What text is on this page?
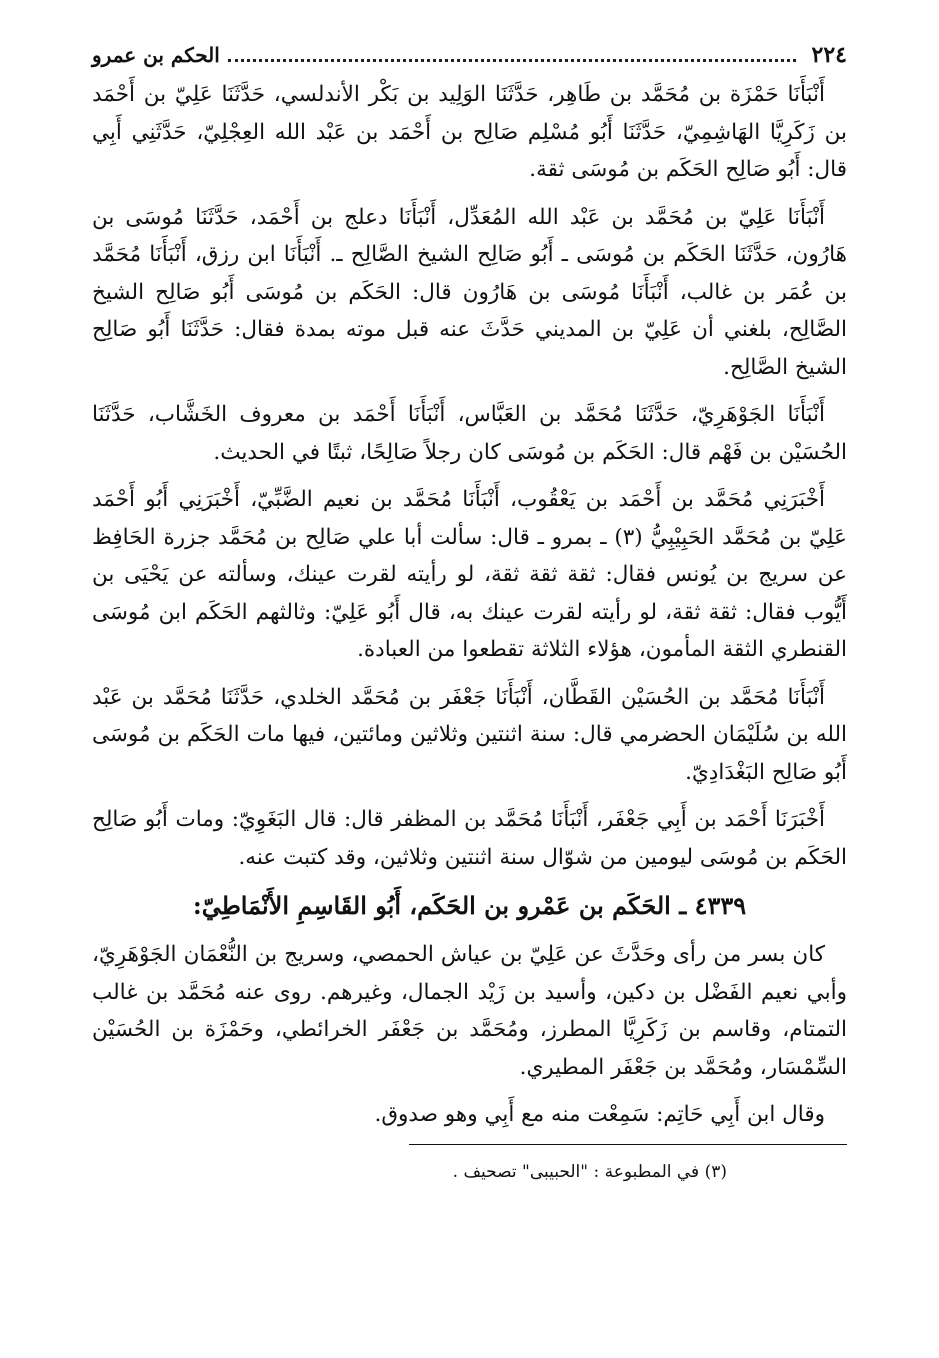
٢٢٤
الحكم بن عمرو

أَنْبَأَنَا حَمْزَة بن مُحَمَّد بن طَاهِر، حَدَّثَنَا الوَلِيد بن بَكْر الأندلسي، حَدَّثَنَا عَلِيّ بن أَحْمَد بن زَكَرِيَّا الهَاشِمِيّ، حَدَّثَنَا أَبُو مُسْلِم صَالِح بن أَحْمَد بن عَبْد الله العِجْلِيّ، حَدَّثَنِي أَبِي قال: أَبُو صَالِح الحَكَم بن مُوسَى ثقة.

أَنْبَأَنَا عَلِيّ بن مُحَمَّد بن عَبْد الله المُعَدِّل، أَنْبَأَنَا دعلج بن أَحْمَد، حَدَّثَنَا مُوسَى بن هَارُون، حَدَّثَنَا الحَكَم بن مُوسَى ـ أَبُو صَالِح الشيخ الصَّالِح ـ. أَنْبَأَنَا ابن رزق، أَنْبَأَنَا مُحَمَّد بن عُمَر بن غالب، أَنْبَأَنَا مُوسَى بن هَارُون قال: الحَكَم بن مُوسَى أَبُو صَالِح الشيخ الصَّالِح، بلغني أن عَلِيّ بن المديني حَدَّثَ عنه قبل موته بمدة فقال: حَدَّثَنَا أَبُو صَالِح الشيخ الصَّالِح.

أَنْبَأَنَا الجَوْهَرِيّ، حَدَّثَنَا مُحَمَّد بن العَبَّاس، أَنْبَأَنَا أَحْمَد بن معروف الخَشَّاب، حَدَّثَنَا الحُسَيْن بن فَهْم قال: الحَكَم بن مُوسَى كان رجلاً صَالِحًا، ثبتًا في الحديث.

أَخْبَرَنِي مُحَمَّد بن أَحْمَد بن يَعْقُوب، أَنْبَأَنَا مُحَمَّد بن نعيم الضَّبِّيّ، أَخْبَرَنِي أَبُو أَحْمَد عَلِيّ بن مُحَمَّد الحَبِيْبِيُّ (٣) ـ بمرو ـ قال: سألت أبا علي صَالِح بن مُحَمَّد جزرة الحَافِظ عن سريج بن يُونس فقال: ثقة ثقة ثقة، لو رأيته لقرت عينك، وسألته عن يَحْيَى بن أَيُّوب فقال: ثقة ثقة، لو رأيته لقرت عينك به، قال أَبُو عَلِيّ: وثالثهم الحَكَم ابن مُوسَى القنطري الثقة المأمون، هؤلاء الثلاثة تقطعوا من العبادة.

أَنْبَأَنَا مُحَمَّد بن الحُسَيْن القَطَّان، أَنْبَأَنَا جَعْفَر بن مُحَمَّد الخلدي، حَدَّثَنَا مُحَمَّد بن عَبْد الله بن سُلَيْمَان الحضرمي قال: سنة اثنتين وثلاثين ومائتين، فيها مات الحَكَم بن مُوسَى أَبُو صَالِح البَغْدَادِيّ.

أَخْبَرَنَا أَحْمَد بن أَبِي جَعْفَر، أَنْبَأَنَا مُحَمَّد بن المظفر قال: قال البَغَوِيّ: ومات أَبُو صَالِح الحَكَم بن مُوسَى ليومين من شوّال سنة اثنتين وثلاثين، وقد كتبت عنه.

٤٣٣٩ ـ الحَكَم بن عَمْرو بن الحَكَم، أَبُو القَاسِمِ الأَنْمَاطِيّ:

كان بسر من رأى وحَدَّثَ عن عَلِيّ بن عياش الحمصي، وسريج بن النُّعْمَان الجَوْهَرِيّ، وأبي نعيم الفَضْل بن دكين، وأسيد بن زَيْد الجمال، وغيرهم. روى عنه مُحَمَّد بن غالب التمتام، وقاسم بن زَكَرِيَّا المطرز، ومُحَمَّد بن جَعْفَر الخرائطي، وحَمْزَة بن الحُسَيْن السِّمْسَار، ومُحَمَّد بن جَعْفَر المطيري.

وقال ابن أَبِي حَاتِم: سَمِعْت منه مع أَبِي وهو صدوق.

(٣) في المطبوعة : "الحبيبى" تصحيف .
